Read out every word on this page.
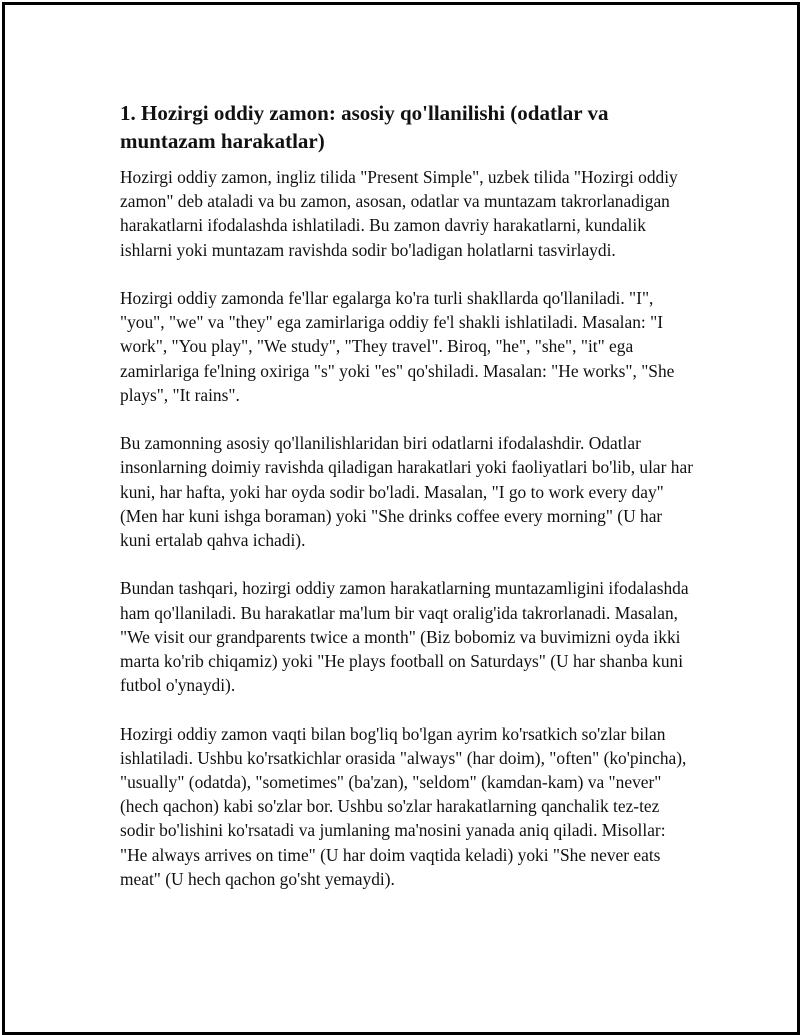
1. Hozirgi oddiy zamon: asosiy qo'llanilishi (odatlar va muntazam harakatlar)

Hozirgi oddiy zamon, ingliz tilida "Present Simple", uzbek tilida "Hozirgi oddiy zamon" deb ataladi va bu zamon, asosan, odatlar va muntazam takrorlanadigan harakatlarni ifodalashda ishlatiladi. Bu zamon davriy harakatlarni, kundalik ishlarni yoki muntazam ravishda sodir bo'ladigan holatlarni tasvirlaydi.

Hozirgi oddiy zamonda fe'llar egalarga ko'ra turli shakllarda qo'llaniladi. "I", "you", "we" va "they" ega zamirlariga oddiy fe'l shakli ishlatiladi. Masalan: "I work", "You play", "We study", "They travel". Biroq, "he", "she", "it" ega zamirlariga fe'lning oxiriga "s" yoki "es" qo'shiladi. Masalan: "He works", "She plays", "It rains".

Bu zamonning asosiy qo'llanilishlaridan biri odatlarni ifodalashdir. Odatlar insonlarning doimiy ravishda qiladigan harakatlari yoki faoliyatlari bo'lib, ular har kuni, har hafta, yoki har oyda sodir bo'ladi. Masalan, "I go to work every day" (Men har kuni ishga boraman) yoki "She drinks coffee every morning" (U har kuni ertalab qahva ichadi).

Bundan tashqari, hozirgi oddiy zamon harakatlarning muntazamligini ifodalashda ham qo'llaniladi. Bu harakatlar ma'lum bir vaqt oralig'ida takrorlanadi. Masalan, "We visit our grandparents twice a month" (Biz bobomiz va buvimizni oyda ikki marta ko'rib chiqamiz) yoki "He plays football on Saturdays" (U har shanba kuni futbol o'ynaydi).

Hozirgi oddiy zamon vaqti bilan bog'liq bo'lgan ayrim ko'rsatkich so'zlar bilan ishlatiladi. Ushbu ko'rsatkichlar orasida "always" (har doim), "often" (ko'pincha), "usually" (odatda), "sometimes" (ba'zan), "seldom" (kamdan-kam) va "never" (hech qachon) kabi so'zlar bor. Ushbu so'zlar harakatlarning qanchalik tez-tez sodir bo'lishini ko'rsatadi va jumlaning ma'nosini yanada aniq qiladi. Misollar: "He always arrives on time" (U har doim vaqtida keladi) yoki "She never eats meat" (U hech qachon go'sht yemaydi).
